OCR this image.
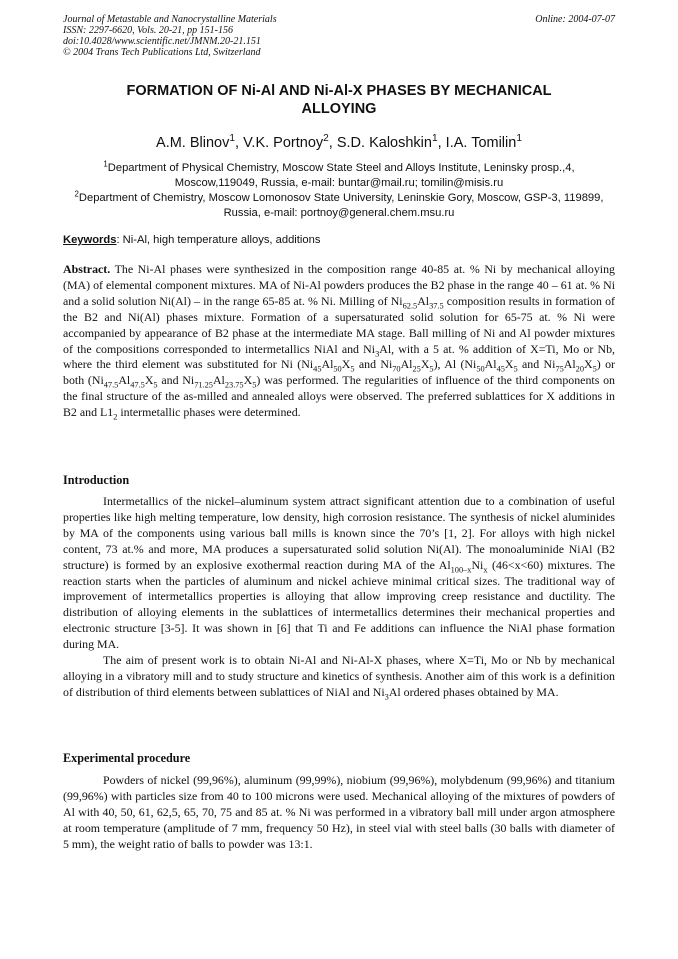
Journal of Metastable and Nanocrystalline Materials
ISSN: 2297-6620, Vols. 20-21, pp 151-156
doi:10.4028/www.scientific.net/JMNM.20-21.151
© 2004 Trans Tech Publications Ltd, Switzerland
Online: 2004-07-07
FORMATION OF Ni-Al AND Ni-Al-X PHASES BY MECHANICAL
ALLOYING
A.M. Blinov$^1$, V.K. Portnoy$^2$, S.D. Kaloshkin$^1$, I.A. Tomilin$^1$

$^1$Department of Physical Chemistry, Moscow State Steel and Alloys Institute, Leninsky prosp.,4, Moscow,119049, Russia, e-mail: buntar@mail.ru; tomilin@misis.ru

$^2$Department of Chemistry, Moscow Lomonosov State University, Leninskie Gory, Moscow, GSP-3, 119899, Russia, e-mail: portnoy@general.chem.msu.ru

Keywords: Ni-Al, high temperature alloys, additions

Abstract. The Ni-Al phases were synthesized in the composition range 40-85 at. % Ni by mechanical alloying (MA) of elemental component mixtures. MA of Ni-Al powders produces the B2 phase in the range 40 – 61 at. % Ni and a solid solution Ni(Al) – in the range 65-85 at. % Ni. Milling of $Ni_{62.5}Al_{37.5}$ composition results in formation of the B2 and Ni(Al) phases mixture. Formation of a supersaturated solid solution for 65-75 at. % Ni were accompanied by appearance of B2 phase at the intermediate MA stage. Ball milling of Ni and Al powder mixtures of the compositions corresponded to intermetallics NiAl and $Ni_3Al$, with a 5 at. % addition of X=Ti, Mo or Nb, where the third element was substituted for Ni ($Ni_{45}Al_{50}X_5$ and $Ni_{70}Al_{25}X_5$), Al ($Ni_{50}Al_{45}X_5$ and $Ni_{75}Al_{20}X_5$) or both ($Ni_{47.5}Al_{47.5}X_5$ and $Ni_{71.25}Al_{23.75}X_5$) was performed. The regularities of influence of the third components on the final structure of the as-milled and annealed alloys were observed. The preferred sublattices for X additions in B2 and $L1_2$ intermetallic phases were determined.

Introduction

Intermetallics of the nickel–aluminum system attract significant attention due to a combination of useful properties like high melting temperature, low density, high corrosion resistance. The synthesis of nickel aluminides by MA of the components using various ball mills is known since the 70’s [1, 2]. For alloys with high nickel content, 73 at.% and more, MA produces a supersaturated solid solution Ni(Al). The monoaluminide NiAl (B2 structure) is formed by an explosive exothermal reaction during MA of the $Al_{100-x}Ni_x$ (46<x<60) mixtures. The reaction starts when the particles of aluminum and nickel achieve minimal critical sizes. The traditional way of improvement of intermetallics properties is alloying that allow improving creep resistance and ductility. The distribution of alloying elements in the sublattices of intermetallics determines their mechanical properties and electronic structure [3-5]. It was shown in [6] that Ti and Fe additions can influence the NiAl phase formation during MA.

The aim of present work is to obtain Ni-Al and Ni-Al-X phases, where X=Ti, Mo or Nb by mechanical alloying in a vibratory mill and to study structure and kinetics of synthesis. Another aim of this work is a definition of distribution of third elements between sublattices of NiAl and $Ni_3Al$ ordered phases obtained by MA.

Experimental procedure

Powders of nickel (99,96%), aluminum (99,99%), niobium (99,96%), molybdenum (99,96%) and titanium (99,96%) with particles size from 40 to 100 microns were used. Mechanical alloying of the mixtures of powders of Al with 40, 50, 61, 62,5, 65, 70, 75 and 85 at. % Ni was performed in a vibratory ball mill under argon atmosphere at room temperature (amplitude of 7 mm, frequency 50 Hz), in steel vial with steel balls (30 balls with diameter of 5 mm), the weight ratio of balls to powder was 13:1.
